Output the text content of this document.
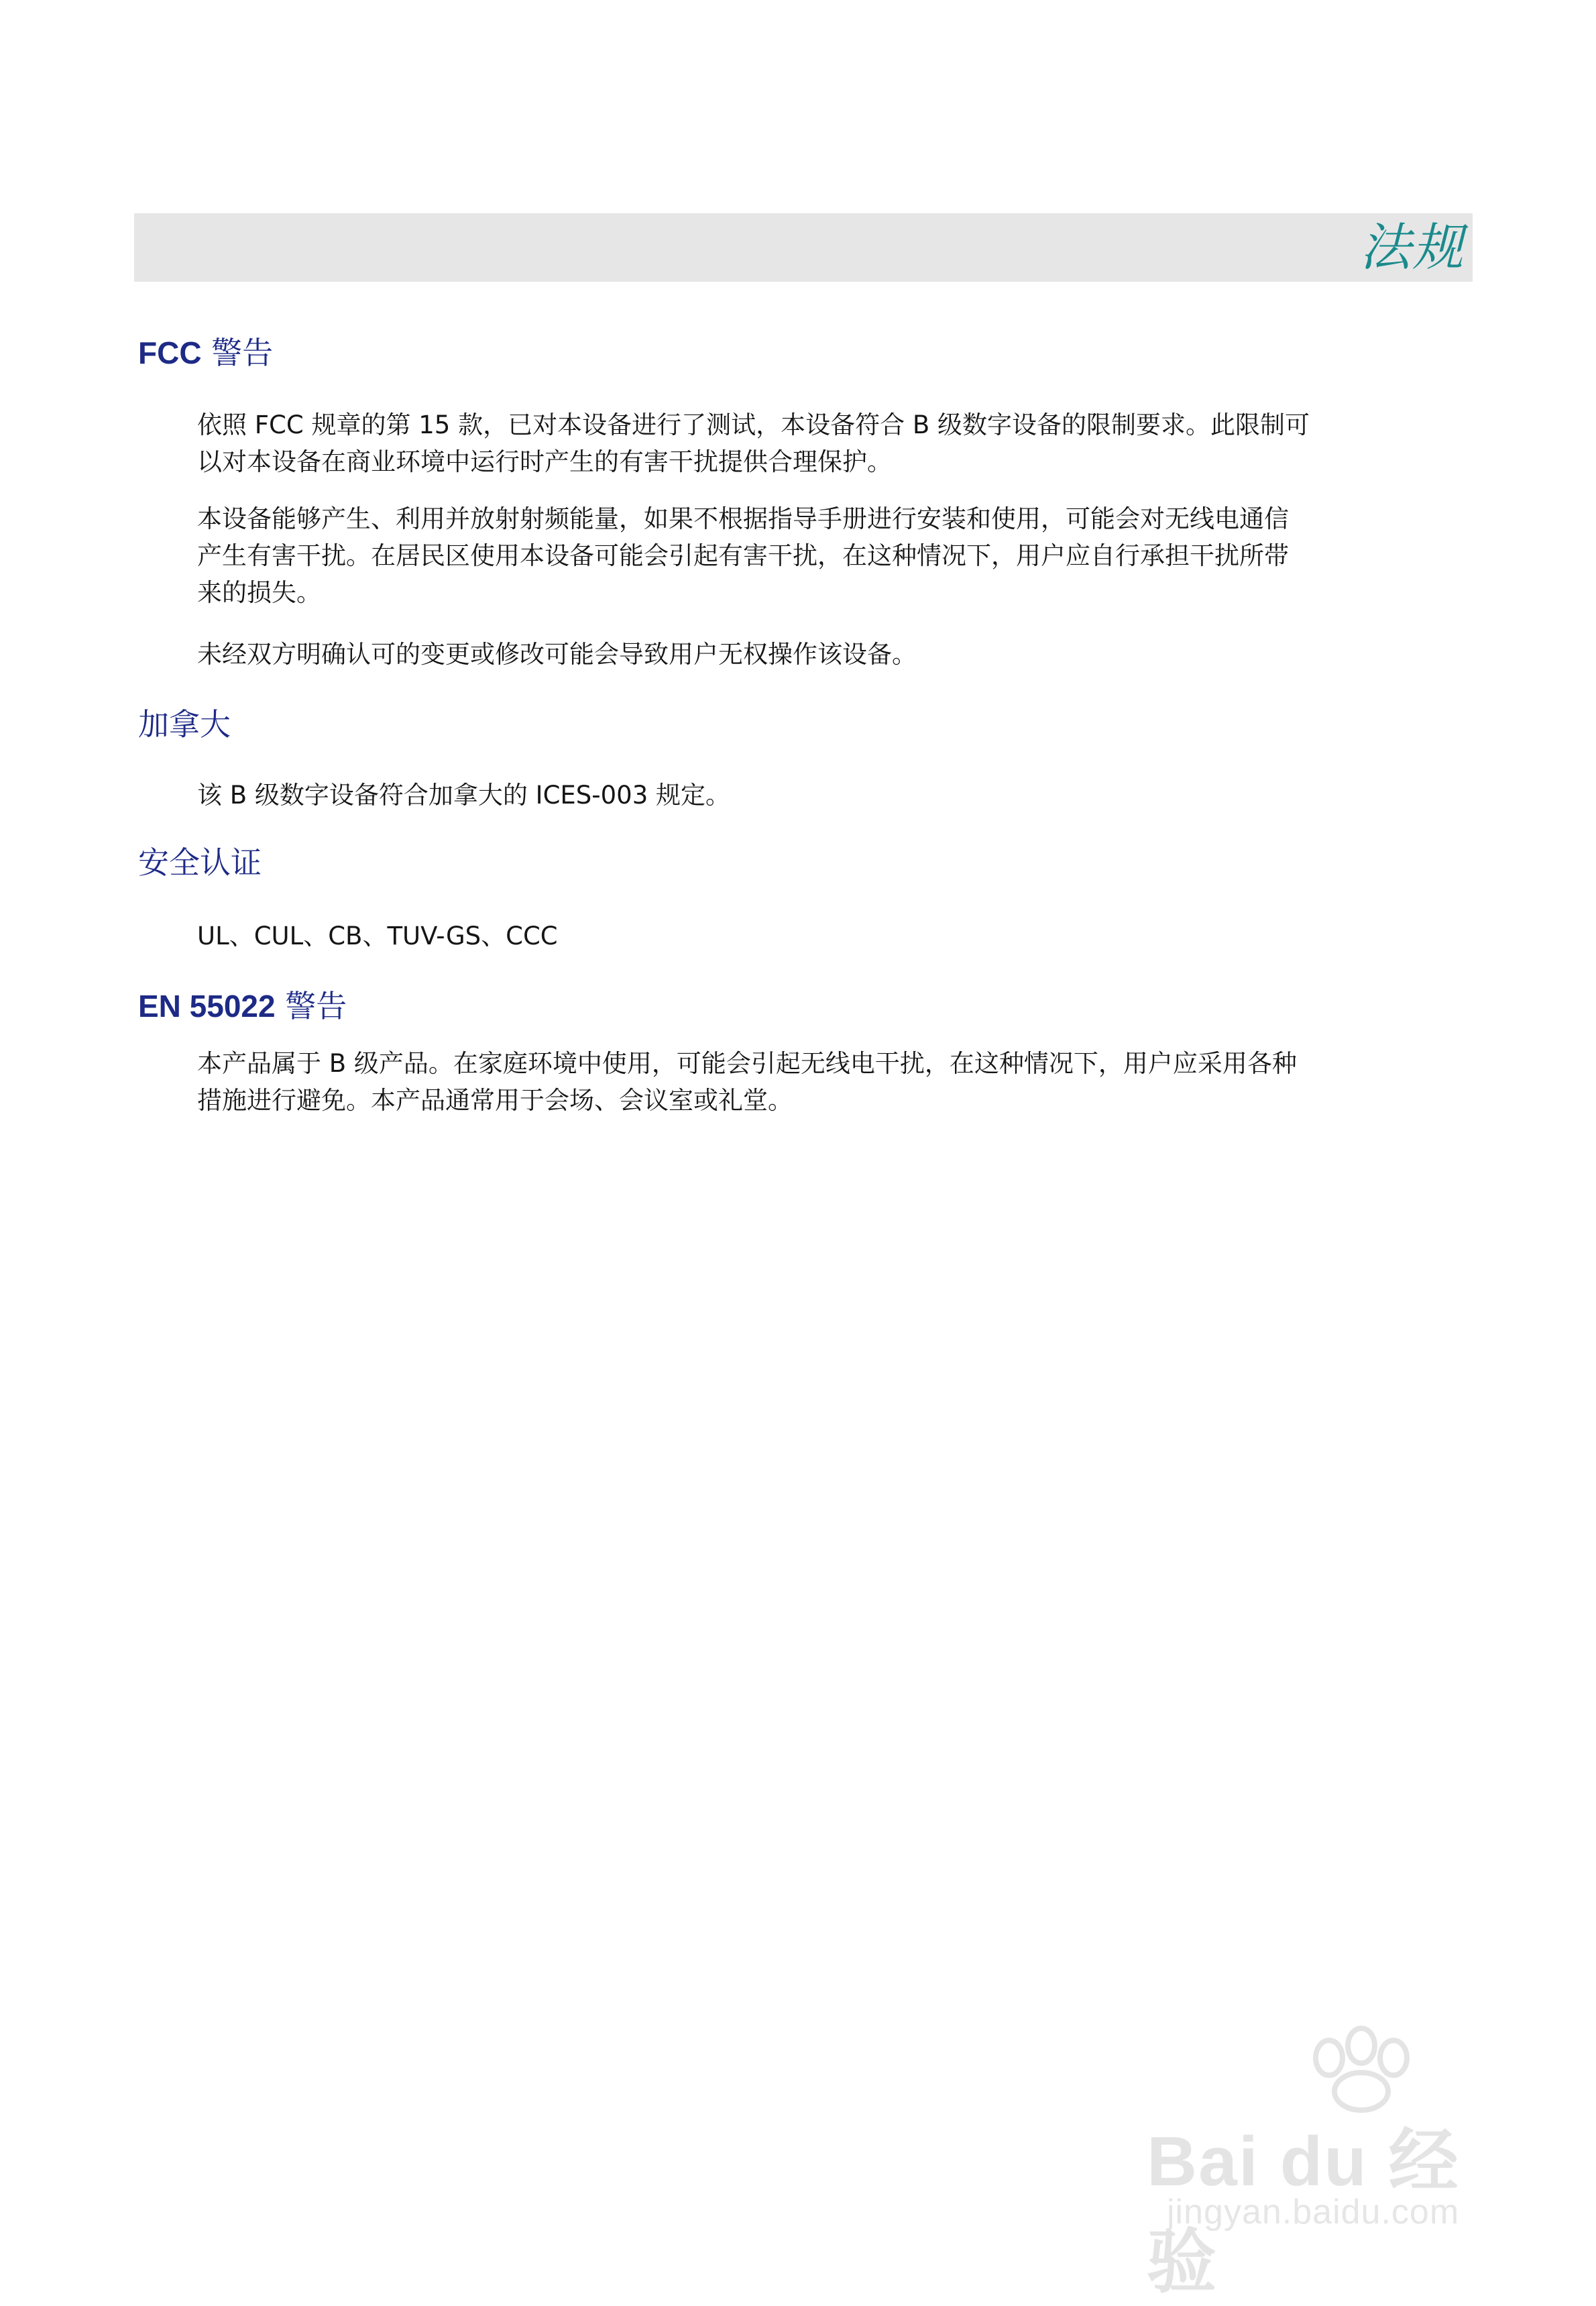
法规
FCC 警告

依照 FCC 规章的第 15 款，已对本设备进行了测试，本设备符合 B 级数字设备的限制要求。此限制可
以对本设备在商业环境中运行时产生的有害干扰提供合理保护。

本设备能够产生、利用并放射射频能量，如果不根据指导手册进行安装和使用，可能会对无线电通信
产生有害干扰。在居民区使用本设备可能会引起有害干扰，在这种情况下，用户应自行承担干扰所带
来的损失。

未经双方明确认可的变更或修改可能会导致用户无权操作该设备。

加拿大

该 B 级数字设备符合加拿大的 ICES-003 规定。

安全认证

UL、CUL、CB、TUV-GS、CCC

EN 55022 警告

本产品属于 B 级产品。在家庭环境中使用，可能会引起无线电干扰，在这种情况下，用户应采用各种
措施进行避免。本产品通常用于会场、会议室或礼堂。

Bai du 经验
jingyan.baidu.com
